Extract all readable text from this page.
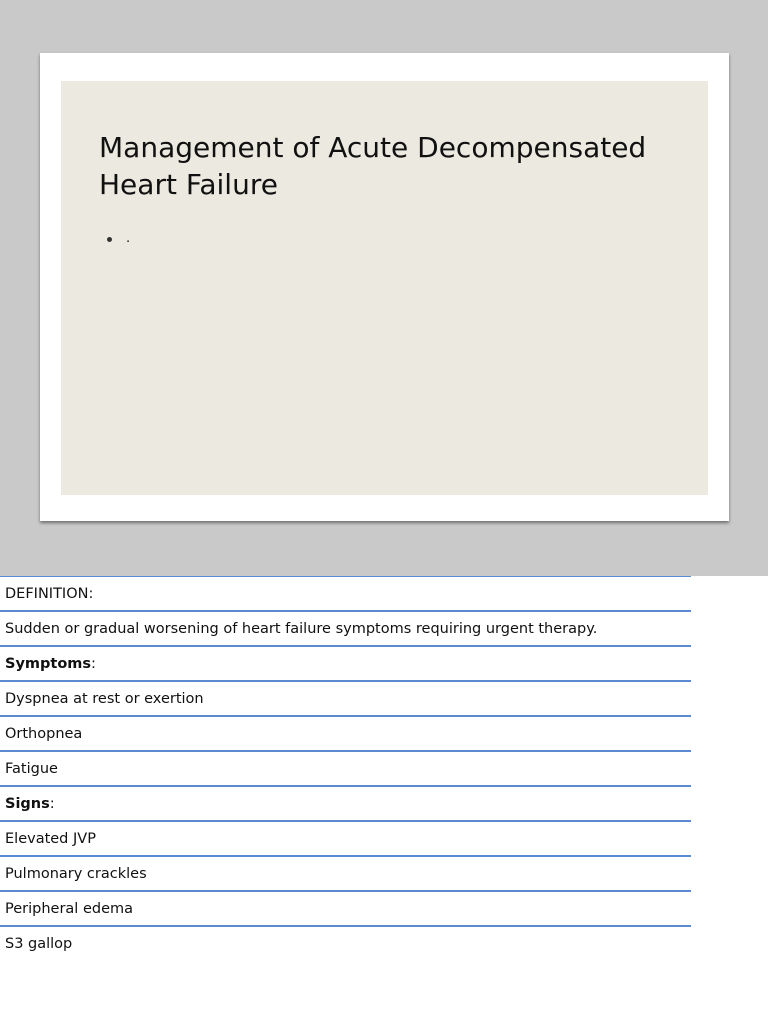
Management of Acute Decompensated Heart Failure
.
DEFINITION:
Sudden or gradual worsening of heart failure symptoms requiring urgent therapy.
Symptoms :
Dyspnea at rest or exertion
Orthopnea
Fatigue
Signs :
Elevated JVP
Pulmonary crackles
Peripheral edema
S3 gallop
